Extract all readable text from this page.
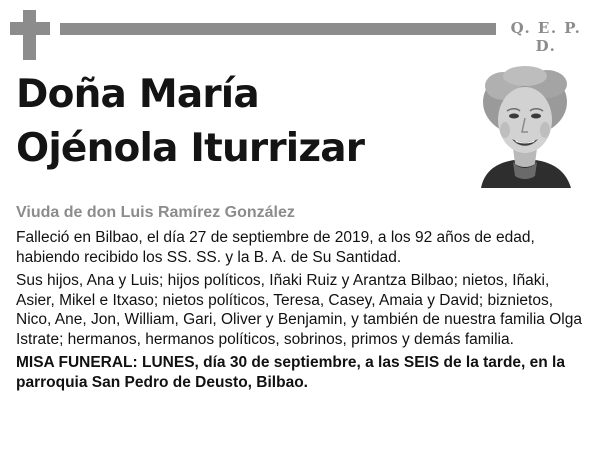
Q. E. P. D.
Doña María
Ojénola Iturrizar

Viuda de don Luis Ramírez González

Falleció en Bilbao, el día 27 de septiembre de 2019, a los 92 años de edad, habiendo recibido los SS. SS. y la B. A. de Su Santidad.

Sus hijos, Ana y Luis; hijos políticos, Iñaki Ruiz y Arantza Bilbao; nietos, Iñaki, Asier, Mikel e Itxaso; nietos políticos, Teresa, Casey, Amaia y David; biznietos, Nico, Ane, Jon, William, Gari, Oliver y Benjamin, y también de nuestra familia Olga Istrate; hermanos, hermanos políticos, sobrinos, primos y demás familia.

MISA FUNERAL: LUNES, día 30 de septiembre, a las SEIS de la tarde, en la parroquia San Pedro de Deusto, Bilbao.
